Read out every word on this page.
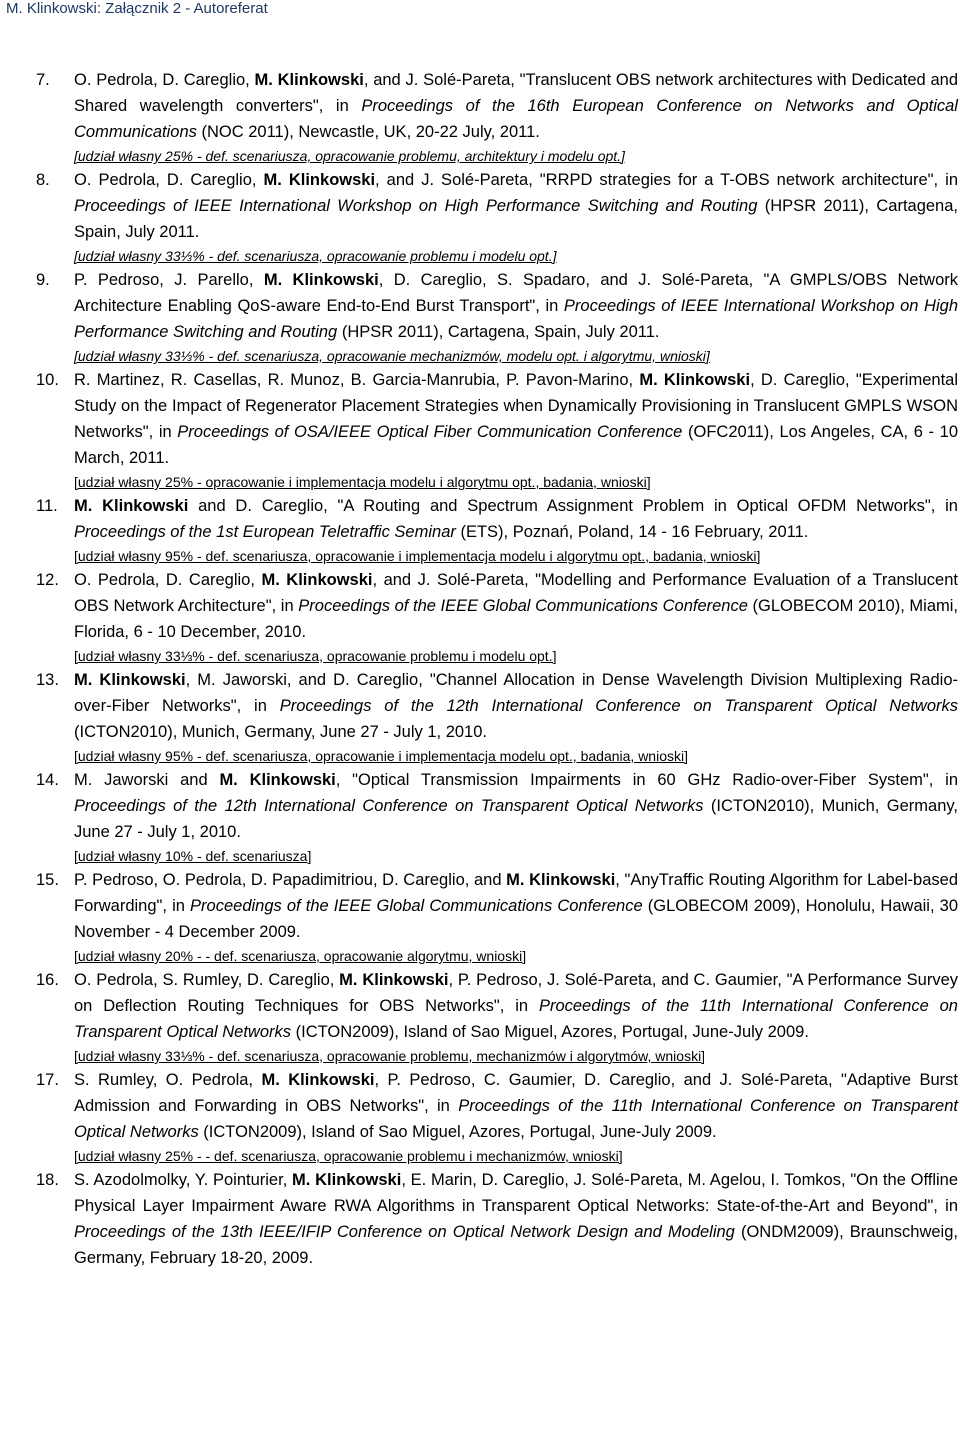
M. Klinkowski: Załącznik 2 - Autoreferat
7. O. Pedrola, D. Careglio, M. Klinkowski, and J. Solé-Pareta, "Translucent OBS network architectures with Dedicated and Shared wavelength converters", in Proceedings of the 16th European Conference on Networks and Optical Communications (NOC 2011), Newcastle, UK, 20-22 July, 2011.
[udział własny 25% - def. scenariusza, opracowanie problemu, architektury i modelu opt.]
8. O. Pedrola, D. Careglio, M. Klinkowski, and J. Solé-Pareta, "RRPD strategies for a T-OBS network architecture", in Proceedings of IEEE International Workshop on High Performance Switching and Routing (HPSR 2011), Cartagena, Spain, July 2011.
[udział własny 33⅓% - def. scenariusza, opracowanie problemu i modelu opt.]
9. P. Pedroso, J. Parello, M. Klinkowski, D. Careglio, S. Spadaro, and J. Solé-Pareta, "A GMPLS/OBS Network Architecture Enabling QoS-aware End-to-End Burst Transport", in Proceedings of IEEE International Workshop on High Performance Switching and Routing (HPSR 2011), Cartagena, Spain, July 2011.
[udział własny 33⅓% - def. scenariusza, opracowanie mechanizmów, modelu opt. i algorytmu, wnioski]
10. R. Martinez, R. Casellas, R. Munoz, B. Garcia-Manrubia, P. Pavon-Marino, M. Klinkowski, D. Careglio, "Experimental Study on the Impact of Regenerator Placement Strategies when Dynamically Provisioning in Translucent GMPLS WSON Networks", in Proceedings of OSA/IEEE Optical Fiber Communication Conference (OFC2011), Los Angeles, CA, 6 - 10 March, 2011.
[udział własny 25% - opracowanie i implementacja modelu i algorytmu opt., badania, wnioski]
11. M. Klinkowski and D. Careglio, "A Routing and Spectrum Assignment Problem in Optical OFDM Networks", in Proceedings of the 1st European Teletraffic Seminar (ETS), Poznań, Poland, 14 - 16 February, 2011.
[udział własny 95% - def. scenariusza, opracowanie i implementacja modelu i algorytmu opt., badania, wnioski]
12. O. Pedrola, D. Careglio, M. Klinkowski, and J. Solé-Pareta, "Modelling and Performance Evaluation of a Translucent OBS Network Architecture", in Proceedings of the IEEE Global Communications Conference (GLOBECOM 2010), Miami, Florida, 6 - 10 December, 2010.
[udział własny 33⅓% - def. scenariusza, opracowanie problemu i modelu opt.]
13. M. Klinkowski, M. Jaworski, and D. Careglio, "Channel Allocation in Dense Wavelength Division Multiplexing Radio-over-Fiber Networks", in Proceedings of the 12th International Conference on Transparent Optical Networks (ICTON2010), Munich, Germany, June 27 - July 1, 2010.
[udział własny 95% - def. scenariusza, opracowanie i implementacja modelu opt., badania, wnioski]
14. M. Jaworski and M. Klinkowski, "Optical Transmission Impairments in 60 GHz Radio-over-Fiber System", in Proceedings of the 12th International Conference on Transparent Optical Networks (ICTON2010), Munich, Germany, June 27 - July 1, 2010.
[udział własny 10% - def. scenariusza]
15. P. Pedroso, O. Pedrola, D. Papadimitriou, D. Careglio, and M. Klinkowski, "AnyTraffic Routing Algorithm for Label-based Forwarding", in Proceedings of the IEEE Global Communications Conference (GLOBECOM 2009), Honolulu, Hawaii, 30 November - 4 December 2009.
[udział własny 20% - - def. scenariusza, opracowanie algorytmu, wnioski]
16. O. Pedrola, S. Rumley, D. Careglio, M. Klinkowski, P. Pedroso, J. Solé-Pareta, and C. Gaumier, "A Performance Survey on Deflection Routing Techniques for OBS Networks", in Proceedings of the 11th International Conference on Transparent Optical Networks (ICTON2009), Island of Sao Miguel, Azores, Portugal, June-July 2009.
[udział własny 33⅓% - def. scenariusza, opracowanie problemu, mechanizmów i algorytmów, wnioski]
17. S. Rumley, O. Pedrola, M. Klinkowski, P. Pedroso, C. Gaumier, D. Careglio, and J. Solé-Pareta, "Adaptive Burst Admission and Forwarding in OBS Networks", in Proceedings of the 11th International Conference on Transparent Optical Networks (ICTON2009), Island of Sao Miguel, Azores, Portugal, June-July 2009.
[udział własny 25% - - def. scenariusza, opracowanie problemu i mechanizmów, wnioski]
18. S. Azodolmolky, Y. Pointurier, M. Klinkowski, E. Marin, D. Careglio, J. Solé-Pareta, M. Agelou, I. Tomkos, "On the Offline Physical Layer Impairment Aware RWA Algorithms in Transparent Optical Networks: State-of-the-Art and Beyond", in Proceedings of the 13th IEEE/IFIP Conference on Optical Network Design and Modeling (ONDM2009), Braunschweig, Germany, February 18-20, 2009.
